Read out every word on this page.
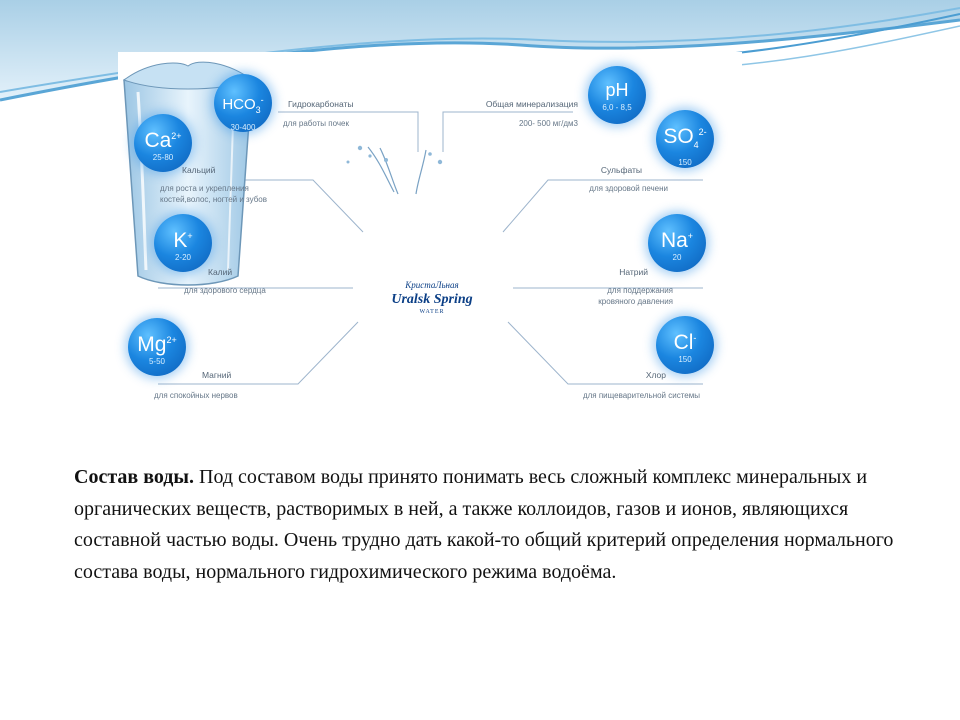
КристаЛьная
Uralsk Spring
WATER
$HCO_3^-$
30-400
Гидрокарбонаты
для работы почек
pH
6,0 - 8,5
Общая минерализация
200- 500 мг/дм3
$Ca^{2+}$
25-80
Кальций
для роста и укрепления
костей,волос, ногтей и зубов
K+
2-20
Калий
для здорового сердца
$Mg^{2+}$
5-50
Магний
для спокойных нервов
$SO_4^{2-}$
150
Сульфаты
для здоровой печени
Na+
20
Натрий
для поддержания
кровяного давления
Cl-
150
Хлор
для пищеварительной системы
Состав воды. Под составом воды принято понимать весь сложный комплекс минеральных и органических веществ, растворимых в ней, а также коллоидов, газов и ионов, являющихся составной частью воды. Очень трудно дать какой-то общий критерий определения нормального состава воды, нормального гидрохимического режима водоёма.
